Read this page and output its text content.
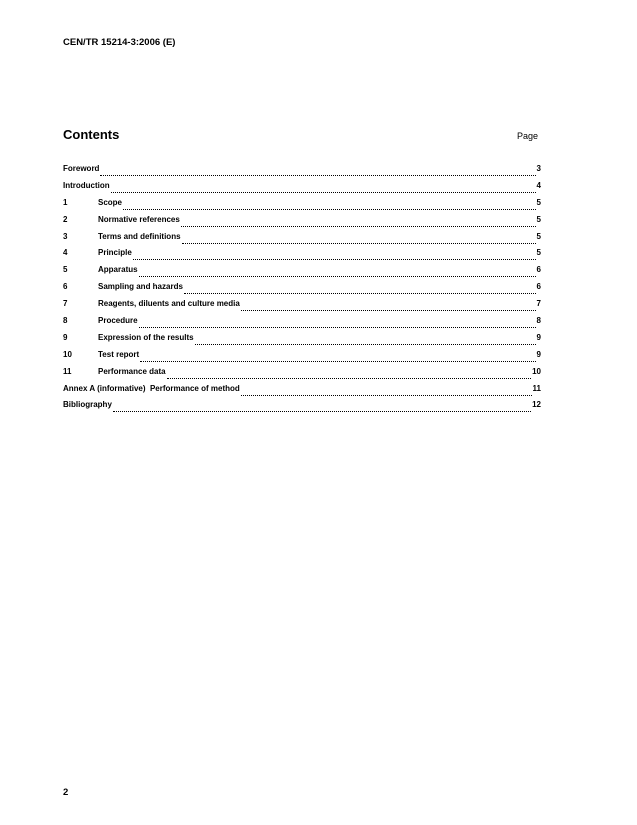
CEN/TR 15214-3:2006 (E)
Contents	Page
Foreword	3
Introduction	4
1	Scope	5
2	Normative references	5
3	Terms and definitions	5
4	Principle	5
5	Apparatus	6
6	Sampling and hazards	6
7	Reagents, diluents and culture media	7
8	Procedure	8
9	Expression of the results	9
10	Test report	9
11	Performance data	10
Annex A (informative)  Performance of method	11
Bibliography	12
2
